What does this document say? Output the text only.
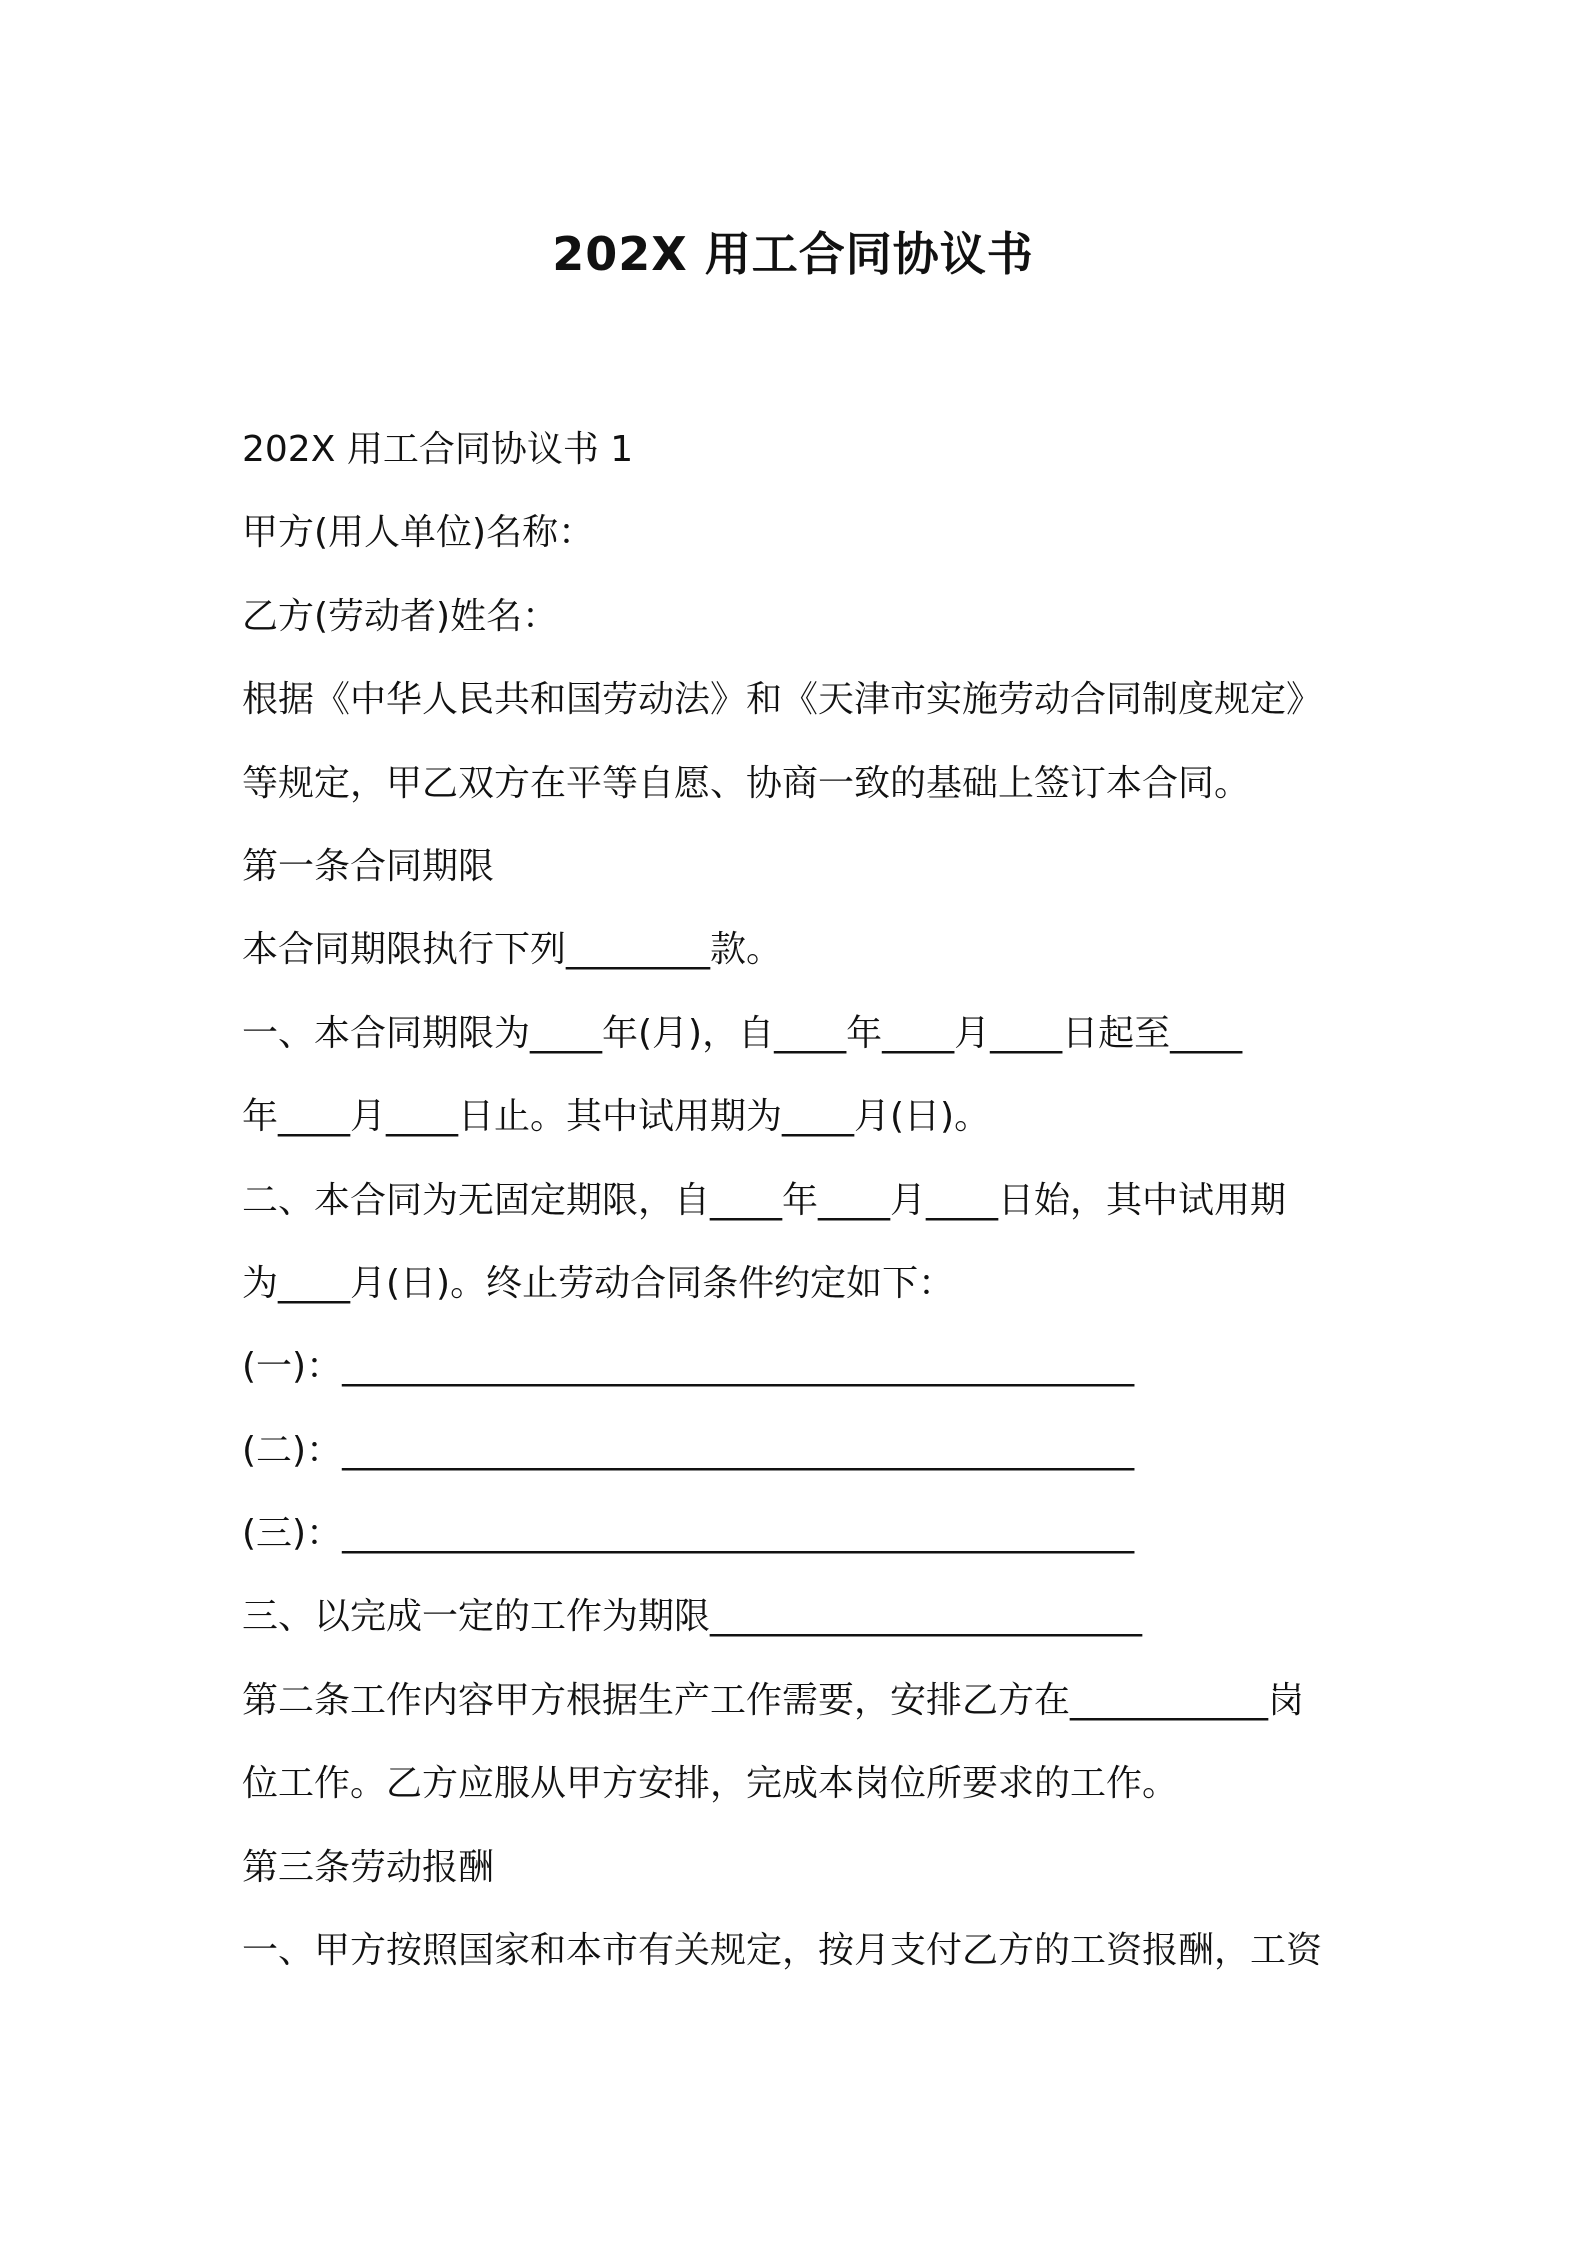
202X 用工合同协议书
202X 用工合同协议书 1
甲方(用人单位)名称：
乙方(劳动者)姓名：
根据《中华人民共和国劳动法》和《天津市实施劳动合同制度规定》
等规定，甲乙双方在平等自愿、协商一致的基础上签订本合同。
第一条合同期限
本合同期限执行下列________款。
一、本合同期限为____年(月)，自____年____月____日起至____
年____月____日止。其中试用期为____月(日)。
二、本合同为无固定期限，自____年____月____日始，其中试用期
为____月(日)。终止劳动合同条件约定如下：
(一)：____________________________________________
(二)：____________________________________________
(三)：____________________________________________
三、以完成一定的工作为期限________________________
第二条工作内容甲方根据生产工作需要，安排乙方在___________岗
位工作。乙方应服从甲方安排，完成本岗位所要求的工作。
第三条劳动报酬
一、甲方按照国家和本市有关规定，按月支付乙方的工资报酬，工资
